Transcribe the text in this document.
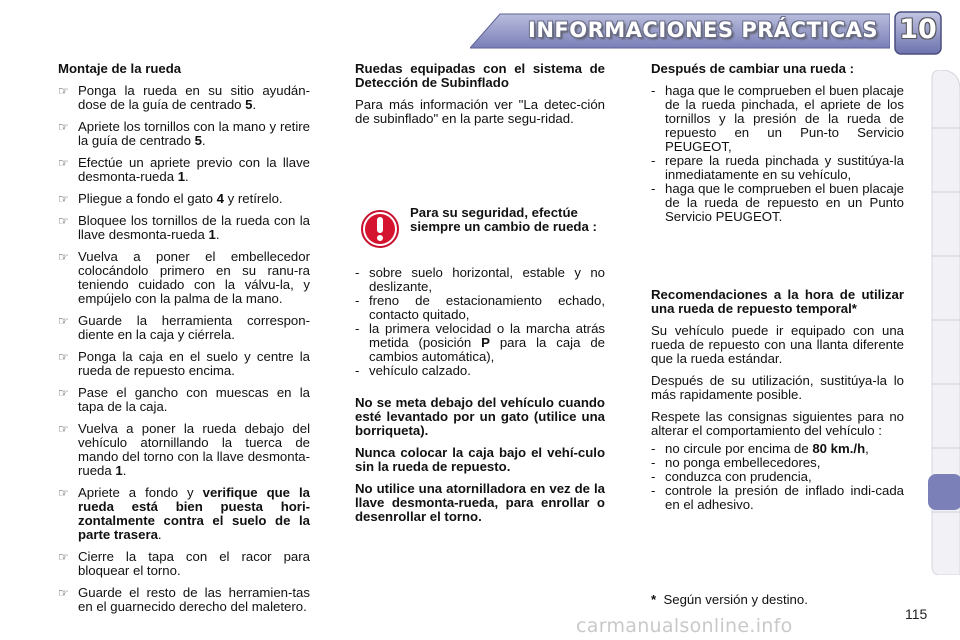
INFORMACIONES PRÁCTICAS 10

Montaje de la rueda

☞ Ponga la rueda en su sitio ayudán-dose de la guía de centrado 5.
☞ Apriete los tornillos con la mano y retire la guía de centrado 5.
☞ Efectúe un apriete previo con la llave desmonta-rueda 1.
☞ Pliegue a fondo el gato 4 y retírelo.
☞ Bloquee los tornillos de la rueda con la llave desmonta-rueda 1.
☞ Vuelva a poner el embellecedor colocándolo primero en su ranu-ra teniendo cuidado con la válvu-la, y empújelo con la palma de la mano.
☞ Guarde la herramienta correspon-diente en la caja y ciérrela.
☞ Ponga la caja en el suelo y centre la rueda de repuesto encima.
☞ Pase el gancho con muescas en la tapa de la caja.
☞ Vuelva a poner la rueda debajo del vehículo atornillando la tuerca de mando del torno con la llave desmonta-rueda 1.
☞ Apriete a fondo y verifique que la rueda está bien puesta hori-zontalmente contra el suelo de la parte trasera.
☞ Cierre la tapa con el racor para bloquear el torno.
☞ Guarde el resto de las herramien-tas en el guarnecido derecho del maletero.

Ruedas equipadas con el sistema de Detección de Subinflado

Para más información ver "La detec-ción de subinflado" en la parte segu-ridad.

Para su seguridad, efectúe siempre un cambio de rueda :
- sobre suelo horizontal, estable y no deslizante,
- freno de estacionamiento echado, contacto quitado,
- la primera velocidad o la marcha atrás metida (posición P para la caja de cambios automática),
- vehículo calzado.

No se meta debajo del vehículo cuando esté levantado por un gato (utilice una borriqueta).

Nunca colocar la caja bajo el vehí-culo sin la rueda de repuesto.

No utilice una atornilladora en vez de la llave desmonta-rueda, para enrollar o desenrollar el torno.

Después de cambiar una rueda :

- haga que le comprueben el buen placaje de la rueda pinchada, el apriete de los tornillos y la presión de la rueda de repuesto en un Pun-to Servicio PEUGEOT,
- repare la rueda pinchada y sustitúya-la inmediatamente en su vehículo,
- haga que le comprueben el buen placaje de la rueda de repuesto en un Punto Servicio PEUGEOT.

Recomendaciones a la hora de utilizar una rueda de repuesto temporal*

Su vehículo puede ir equipado con una rueda de repuesto con una llanta diferente que la rueda estándar.

Después de su utilización, sustitúya-la lo más rapidamente posible.

Respete las consignas siguientes para no alterar el comportamiento del vehículo :

- no circule por encima de 80 km./h,
- no ponga embellecedores,
- conduzca con prudencia,
- controle la presión de inflado indi-cada en el adhesivo.
* Según versión y destino.
carmanualsonline.info
115
